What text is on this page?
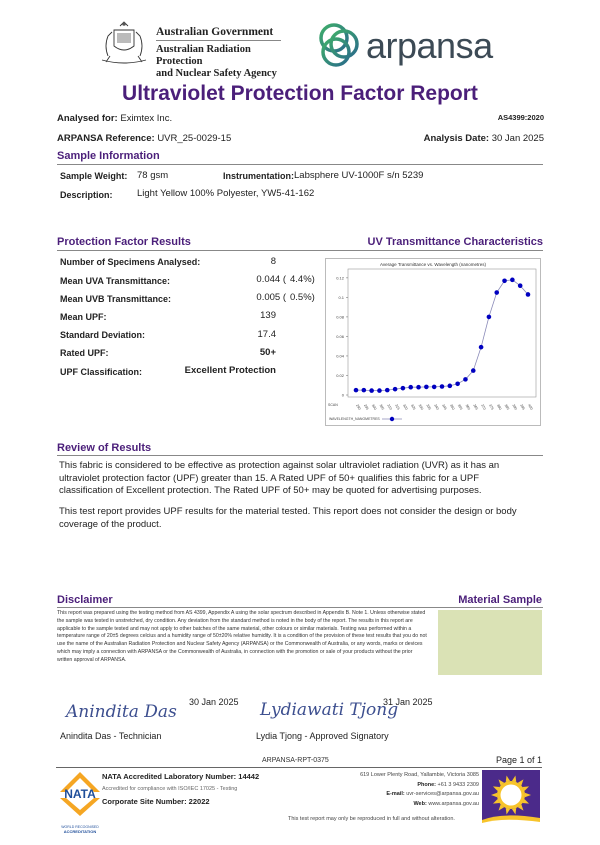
Australian Government
Australian Radiation Protection
and Nuclear Safety Agency
arpansa
Ultraviolet Protection Factor Report
Analysed for: Eximtex Inc.	AS4399:2020
ARPANSA Reference: UVR_25-0029-15	Analysis Date: 30 Jan 2025
Sample Information
Sample Weight: 78 gsm	Instrumentation: Labsphere UV-1000F s/n 5239
Description:	Light Yellow 100% Polyester, YW5-41-162
Protection Factor Results
Number of Specimens Analysed:	8
Mean UVA Transmittance:	0.044 ( 4.4%)
Mean UVB Transmittance:	0.005 ( 0.5%)
Mean UPF:	139
Standard Deviation:	17.4
Rated UPF:	50+
UPF Classification:	Excellent Protection
UV Transmittance Characteristics
0
0.02
0.04
0.06
0.08
0.1
0.12
290 295 300 305 310 315 320 325 330 335 340 345 350 355 360 365 370 375 380 385 390 395 400
SCAN
WAVELENGTH_NANOMETRES
Average Transmittance vs. Wavelength (nanometres)
Review of Results
This fabric is considered to be effective as protection against solar ultraviolet radiation (UVR) as it has an ultraviolet protection factor (UPF) greater than 15. A Rated UPF of 50+ qualifies this fabric for a UPF classification of Excellent protection. The Rated UPF of 50+ may be quoted for advertising purposes.
This test report provides UPF results for the material tested. This report does not consider the design or body coverage of the product.
Disclaimer
This report was prepared using the testing method from AS 4399, Appendix A using the solar spectrum described in Appendix B. Note 1. Unless otherwise stated the sample was tested in unstretched, dry condition. Any deviation from the standard method is noted in the body of the report. The results in this report are applicable to the sample tested and may not apply to other batches of the same material, other colours or similar materials. Testing was performed within a temperature range of 20±5 degrees celcius and a humidity range of 50±20% relative humidity. It is a condition of the provision of these test results that you do not use the name of the Australian Radiation Protection and Nuclear Safety Agency (ARPANSA) or the Commonwealth of Australia, or any words, marks or devices which may imply a connection with ARPANSA or the Commonwealth of Australia, in connection with the promotion or sale of your products without the prior written approval of ARPANSA.
Material Sample
Anindita Das 30 Jan 2025
Anindita Das - Technician
Lydiawati Tjong
31 Jan 2025
Lydia Tjong - Approved Signatory
ARPANSA-RPT-0375	Page 1 of 1
NATA
WORLD RECOGNISED
ACCREDITATION
NATA Accredited Laboratory Number: 14442
Accredited for compliance with ISO/IEC 17025 - Testing
Corporate Site Number: 22022
619 Lower Plenty Road, Yallambie, Victoria 3085
Phone: +61 3 9433 2309
E-mail: uvr-services@arpansa.gov.au
Web: www.arpansa.gov.au
This test report may only be reproduced in full and without alteration.
